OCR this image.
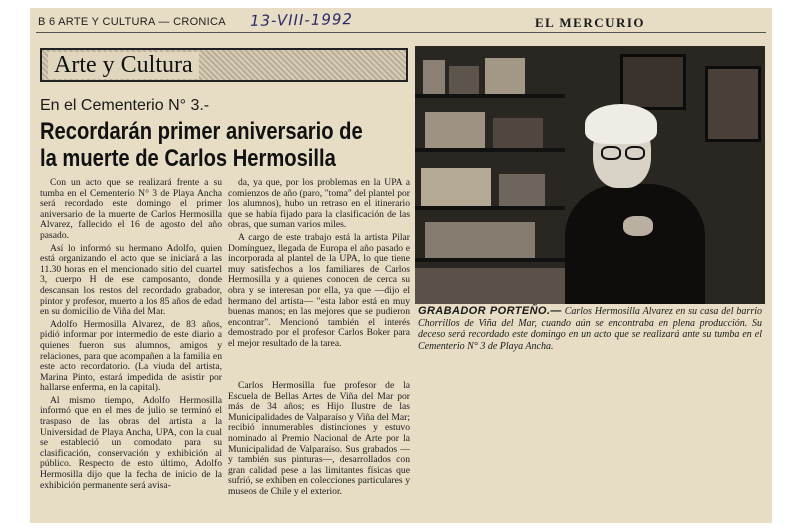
B 6 ARTE Y CULTURA — CRONICA 13-VIII-1992	EL MERCURIO
Arte y Cultura
En el Cementerio N° 3.-
Recordarán primer aniversario de
la muerte de Carlos Hermosilla

Con un acto que se realizará frente a su tumba en el Cementerio N° 3 de Playa Ancha será recordado este domingo el primer aniversario de la muerte de Carlos Hermosilla Alvarez, fallecido el 16 de agosto del año pasado.

Así lo informó su hermano Adolfo, quien está organizando el acto que se iniciará a las 11.30 horas en el mencionado sitio del cuartel 3, cuerpo H de ese camposanto, donde descansan los restos del recordado grabador, pintor y profesor, muerto a los 85 años de edad en su domicilio de Viña del Mar.

Adolfo Hermosilla Alvarez, de 83 años, pidió informar por intermedio de este diario a quienes fueron sus alumnos, amigos y relaciones, para que acompañen a la familia en este acto recordatorio. (La viuda del artista, Marina Pinto, estará impedida de asistir por hallarse enferma, en la capital).

Al mismo tiempo, Adolfo Hermosilla informó que en el mes de julio se terminó el traspaso de las obras del artista a la Universidad de Playa Ancha, UPA, con la cual se estableció un comodato para su clasificación, conservación y exhibición al público. Respecto de esto último, Adolfo Hermosilla dijo que la fecha de inicio de la exhibición permanente será avisa-

da, ya que, por los problemas en la UPA a comienzos de año (paro, "toma" del plantel por los alumnos), hubo un retraso en el itinerario que se había fijado para la clasificación de las obras, que suman varios miles.

A cargo de este trabajo está la artista Pilar Domínguez, llegada de Europa el año pasado e incorporada al plantel de la UPA, lo que tiene muy satisfechos a los familiares de Carlos Hermosilla y a quienes conocen de cerca su obra y se interesan por ella, ya que —dijo el hermano del artista— "esta labor está en muy buenas manos; en las mejores que se pudieron encontrar". Mencionó también el interés demostrado por el profesor Carlos Boker para el mejor resultado de la tarea.

Carlos Hermosilla fue profesor de la Escuela de Bellas Artes de Viña del Mar por más de 34 años; es Hijo Ilustre de las Municipalidades de Valparaíso y Viña del Mar; recibió innumerables distinciones y estuvo nominado al Premio Nacional de Arte por la Municipalidad de Valparaíso. Sus grabados —y también sus pinturas—, desarrollados con gran calidad pese a las limitantes físicas que sufrió, se exhiben en colecciones particulares y museos de Chile y el exterior.

GRABADOR PORTEÑO.— Carlos Hermosilla Alvarez en su casa del barrio Chorrillos de Viña del Mar, cuando aún se encontraba en plena producción. Su deceso será recordado este domingo en un acto que se realizará ante su tumba en el Cementerio N° 3 de Playa Ancha.
